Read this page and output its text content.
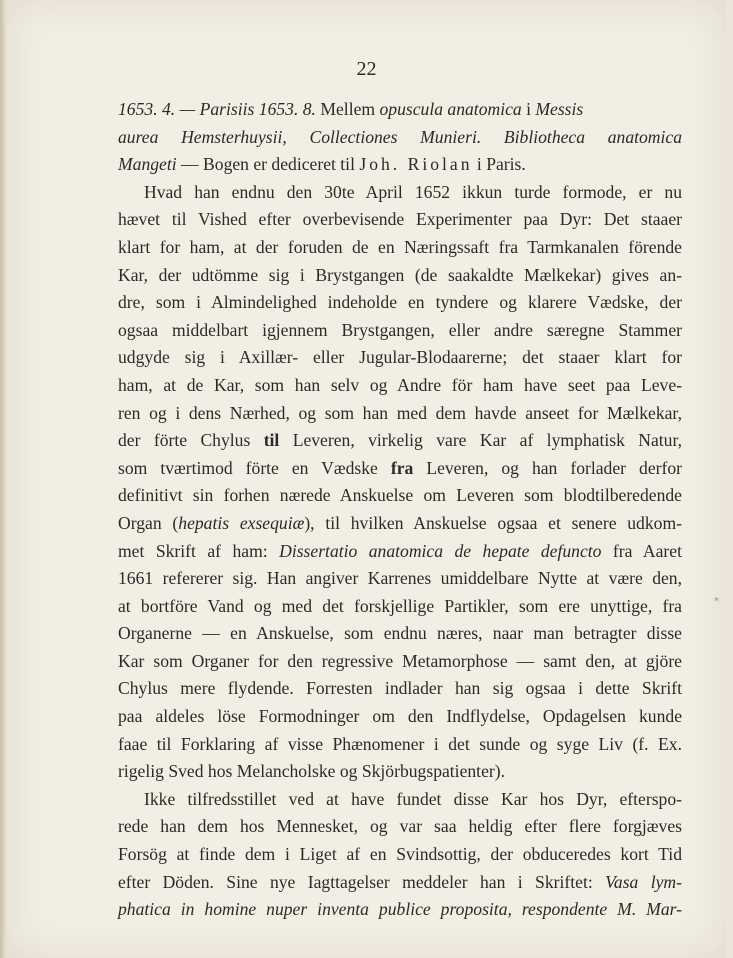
22
1653. 4. — Parisiis 1653. 8. Mellem opuscula anatomica i Messis
aurea Hemsterhuysii, Collectiones Munieri. Bibliotheca anatomica
Mangeti — Bogen er dediceret til Joh. Riolan i Paris.
Hvad han endnu den 30te April 1652 ikkun turde formode, er nu
hævet til Vished efter overbevisende Experimenter paa Dyr: Det staaer
klart for ham, at der foruden de en Næringssaft fra Tarmkanalen förende
Kar, der udtömme sig i Brystgangen (de saakaldte Mælkekar) gives an-
dre, som i Almindelighed indeholde en tyndere og klarere Vædske, der
ogsaa middelbart igjennem Brystgangen, eller andre særegne Stammer
udgyde sig i Axillær- eller Jugular-Blodaarerne; det staaer klart for
ham, at de Kar, som han selv og Andre för ham have seet paa Leve-
ren og i dens Nærhed, og som han med dem havde anseet for Mælkekar,
der förte Chylus til Leveren, virkelig vare Kar af lymphatisk Natur,
som tværtimod förte en Vædske fra Leveren, og han forlader derfor
definitivt sin forhen nærede Anskuelse om Leveren som blodtilberedende
Organ (hepatis exsequiæ), til hvilken Anskuelse ogsaa et senere udkom-
met Skrift af ham: Dissertatio anatomica de hepate defuncto fra Aaret
1661 refererer sig. Han angiver Karrenes umiddelbare Nytte at være den,
at bortföre Vand og med det forskjellige Partikler, som ere unyttige, fra
Organerne — en Anskuelse, som endnu næres, naar man betragter disse
Kar som Organer for den regressive Metamorphose — samt den, at gjöre
Chylus mere flydende. Forresten indlader han sig ogsaa i dette Skrift
paa aldeles löse Formodninger om den Indflydelse, Opdagelsen kunde
faae til Forklaring af visse Phænomener i det sunde og syge Liv (f. Ex.
rigelig Sved hos Melancholske og Skjörbugspatienter).
Ikke tilfredsstillet ved at have fundet disse Kar hos Dyr, efterspo-
rede han dem hos Mennesket, og var saa heldig efter flere forgjæves
Forsög at finde dem i Liget af en Svindsottig, der obduceredes kort Tid
efter Döden. Sine nye Iagttagelser meddeler han i Skriftet: Vasa lym-
phatica in homine nuper inventa publice proposita, respondente M. Mar-
*
